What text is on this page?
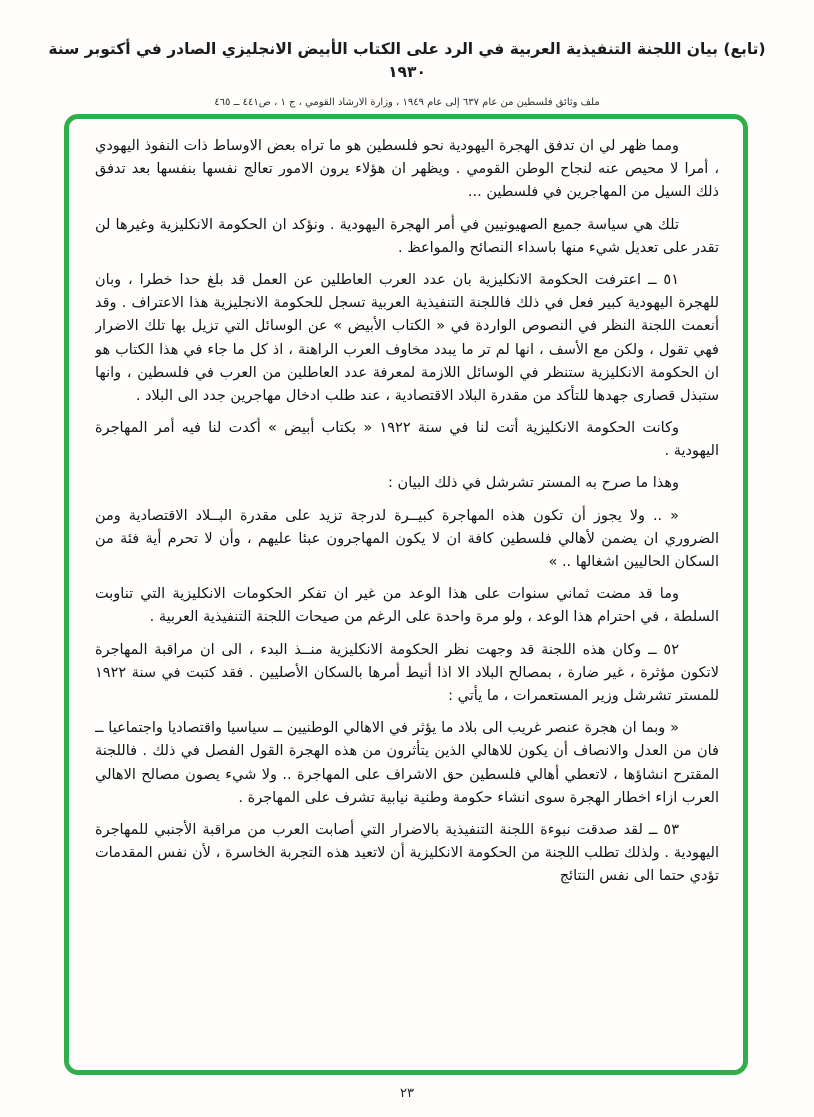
(تابع) بيان اللجنة التنفيذية العربية في الرد على الكتاب الأبيض الانجليزي الصادر في أكتوبر سنة ١٩٣٠
ملف وثائق فلسطين من عام ٦٣٧ إلى عام ١٩٤٩ ، وزارة الارشاد القومي ، ج ١ ، ص٤٤١ ــ ٤٦٥

ومما ظهر لي ان تدفق الهجرة اليهودية نحو فلسطين هو ما تراه بعض الاوساط ذات النفوذ اليهودي ، أمرا لا محيص عنه لنجاح الوطن القومي . ويظهر ان هؤلاء يرون الامور تعالج نفسها بنفسها بعد تدفق ذلك السيل من المهاجرين في فلسطين ...

تلك هي سياسة جميع الصهيونيين في أمر الهجرة اليهودية . ونؤكد ان الحكومة الانكليزية وغيرها لن تقدر على تعديل شيء منها باسداء النصائح والمواعظ .

٥١ ــ اعترفت الحكومة الانكليزية بان عدد العرب العاطلين عن العمل قد بلغ حدا خطرا ، وبان للهجرة اليهودية كبير فعل في ذلك فاللجنة التنفيذية العربية تسجل للحكومة الانجليزية هذا الاعتراف . وقد أنعمت اللجنة النظر في النصوص الواردة في « الكتاب الأبيض » عن الوسائل التي تزيل بها تلك الاضرار فهي تقول ، ولكن مع الأسف ، انها لم تر ما يبدد مخاوف العرب الراهنة ، اذ كل ما جاء في هذا الكتاب هو ان الحكومة الانكليزية ستنظر في الوسائل اللازمة لمعرفة عدد العاطلين من العرب في فلسطين ، وانها ستبذل قصارى جهدها للتأكد من مقدرة البلاد الاقتصادية ، عند طلب ادخال مهاجرين جدد الى البلاد .

وكانت الحكومة الانكليزية أتت لنا في سنة ١٩٢٢ « بكتاب أبيض » أكدت لنا فيه أمر المهاجرة اليهودية .

وهذا ما صرح به المستر تشرشل في ذلك البيان :

« .. ولا يجوز أن تكون هذه المهاجرة كبيــرة لدرجة تزيد على مقدرة البــلاد الاقتصادية ومن الضروري ان يضمن لأهالي فلسطين كافة ان لا يكون المهاجرون عبئا عليهم ، وأن لا تحرم أية فئة من السكان الحاليين اشغالها .. »

وما قد مضت ثماني سنوات على هذا الوعد من غير ان تفكر الحكومات الانكليزية التي تناوبت السلطة ، في احترام هذا الوعد ، ولو مرة واحدة على الرغم من صيحات اللجنة التنفيذية العربية .

٥٢ ــ وكان هذه اللجنة قد وجهت نظر الحكومة الانكليزية منــذ البدء ، الى ان مراقبة المهاجرة لاتكون مؤثرة ، غير ضارة ، بمصالح البلاد الا اذا أنيط أمرها بالسكان الأصليين . فقد كتبت في سنة ١٩٢٢ للمستر تشرشل وزير المستعمرات ، ما يأتي :

« وبما ان هجرة عنصر غريب الى بلاد ما يؤثر في الاهالي الوطنيين ــ سياسيا واقتصاديا واجتماعيا ــ فان من العدل والانصاف أن يكون للاهالي الذين يتأثرون من هذه الهجرة القول الفصل في ذلك . فاللجنة المقترح انشاؤها ، لاتعطي أهالي فلسطين حق الاشراف على المهاجرة .. ولا شيء يصون مصالح الاهالي العرب ازاء اخطار الهجرة سوى انشاء حكومة وطنية نيابية تشرف على المهاجرة .

٥٣ ــ لقد صدقت نبوءة اللجنة التنفيذية بالاضرار التي أصابت العرب من مراقبة الأجنبي للمهاجرة اليهودية . ولذلك تطلب اللجنة من الحكومة الانكليزية أن لاتعيد هذه التجربة الخاسرة ، لأن نفس المقدمات تؤدي حتما الى نفس النتائج

٢٣
